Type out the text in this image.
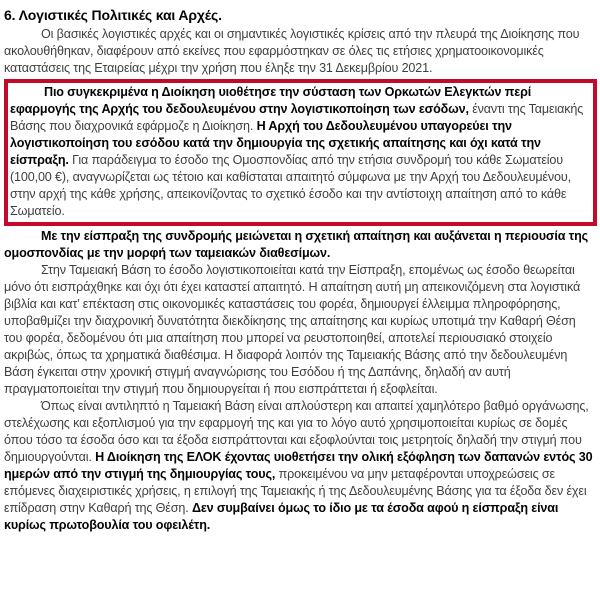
6. Λογιστικές Πολιτικές και Αρχές.

Οι βασικές λογιστικές αρχές και οι σημαντικές λογιστικές κρίσεις από την πλευρά της Διοίκησης που ακολουθήθηκαν, διαφέρουν από εκείνες που εφαρμόστηκαν σε όλες τις ετήσιες χρηματοοικονομικές καταστάσεις της Εταιρείας μέχρι την χρήση που έληξε την 31 Δεκεμβρίου 2021.

Πιο συγκεκριμένα η Διοίκηση υιοθέτησε την σύσταση των Ορκωτών Ελεγκτών περί εφαρμογής της Αρχής του δεδουλευμένου στην λογιστικοποίηση των εσόδων, έναντι της Ταμειακής Βάσης που διαχρονικά εφάρμοζε η Διοίκηση. Η Αρχή του Δεδουλευμένου υπαγορεύει την λογιστικοποίηση του εσόδου κατά την δημιουργία της σχετικής απαίτησης και όχι κατά την είσπραξη. Για παράδειγμα το έσοδο της Ομοσπονδίας από την ετήσια συνδρομή του κάθε Σωματείου (100,00 €), αναγνωρίζεται ως τέτοιο και καθίσταται απαιτητό σύμφωνα με την Αρχή του Δεδουλευμένου, στην αρχή της κάθε χρήσης, απεικονίζοντας το σχετικό έσοδο και την αντίστοιχη απαίτηση από το κάθε Σωματείο.

Με την είσπραξη της συνδρομής μειώνεται η σχετική απαίτηση και αυξάνεται η περιουσία της ομοσπονδίας με την μορφή των ταμειακών διαθεσίμων.

Στην Ταμειακή Βάση το έσοδο λογιστικοποιείται κατά την Είσπραξη, επομένως ως έσοδο θεωρείται μόνο ότι εισπράχθηκε και όχι ότι έχει καταστεί απαιτητό. Η απαίτηση αυτή μη απεικονιζόμενη στα λογιστικά βιβλία και κατ’ επέκταση στις οικονομικές καταστάσεις του φορέα, δημιουργεί έλλειμμα πληροφόρησης, υποβαθμίζει την διαχρονική δυνατότητα διεκδίκησης της απαίτησης και κυρίως υποτιμά την Καθαρή Θέση του φορέα, δεδομένου ότι μια απαίτηση που μπορεί να ρευστοποιηθεί, αποτελεί περιουσιακό στοιχείο ακριβώς, όπως τα χρηματικά διαθέσιμα. Η διαφορά λοιπόν της Ταμειακής Βάσης από την δεδουλευμένη Βάση έγκειται στην χρονική στιγμή αναγνώρισης του Εσόδου ή της Δαπάνης, δηλαδή αν αυτή πραγματοποιείται την στιγμή που δημιουργείται ή που εισπράττεται ή εξοφλείται.

Όπως είναι αντιληπτό η Ταμειακή Βάση είναι απλούστερη και απαιτεί χαμηλότερο βαθμό οργάνωσης, στελέχωσης και εξοπλισμού για την εφαρμογή της και για το λόγο αυτό χρησιμοποιείται κυρίως σε δομές όπου τόσο τα έσοδα όσο και τα έξοδα εισπράττονται και εξοφλούνται τοις μετρητοίς δηλαδή την στιγμή που δημιουργούνται. Η Διοίκηση της ΕΛΟΚ έχοντας υιοθετήσει την ολική εξόφληση των δαπανών εντός 30 ημερών από την στιγμή της δημιουργίας τους, προκειμένου να μην μεταφέρονται υποχρεώσεις σε επόμενες διαχειριστικές χρήσεις, η επιλογή της Ταμειακής ή της Δεδουλευμένης Βάσης για τα έξοδα δεν έχει επίδραση στην Καθαρή της Θέση. Δεν συμβαίνει όμως το ίδιο με τα έσοδα αφού η είσπραξη είναι κυρίως πρωτοβουλία του οφειλέτη.
